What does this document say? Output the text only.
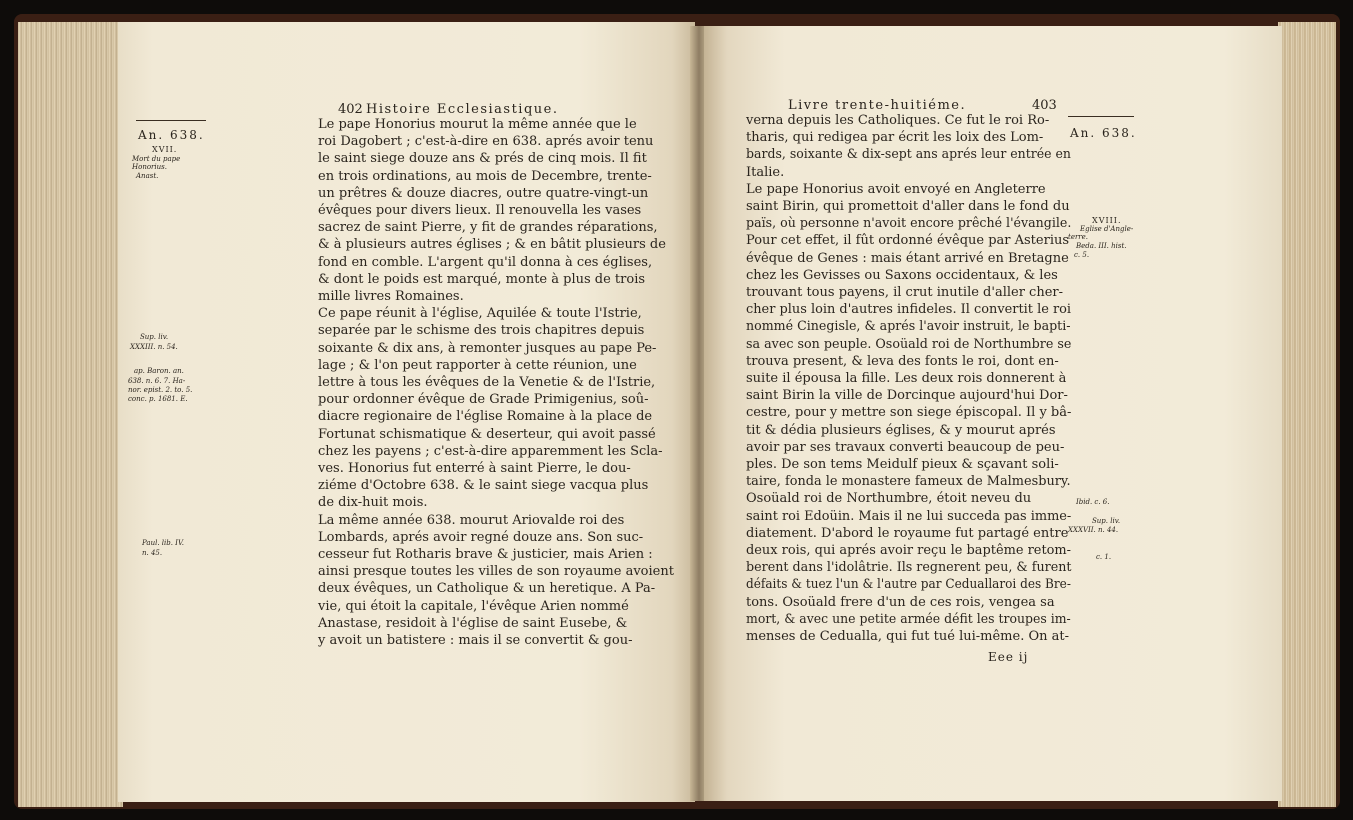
402 Histoire Ecclesiastique.
An. 638.
XVII.
Mort du pape
Honorius.
Anast.
Sup. liv.
XXXIII. n. 54.
ap. Baron. an.
638. n. 6. 7. Ha-
nor. epist. 2. to. 5.
conc. p. 1681. E.
Paul. lib. IV.
n. 45.
Le pape Honorius mourut la même année que le
roi Dagobert ; c'est-à-dire en 638. aprés avoir tenu
le saint siege douze ans & prés de cinq mois. Il fit
en trois ordinations, au mois de Decembre, trente-
un prêtres & douze diacres, outre quatre-vingt-un
évêques pour divers lieux. Il renouvella les vases
sacrez de saint Pierre, y fit de grandes réparations,
& à plusieurs autres églises ; & en bâtit plusieurs de
fond en comble. L'argent qu'il donna à ces églises,
& dont le poids est marqué, monte à plus de trois
mille livres Romaines.
Ce pape réunit à l'église, Aquilée & toute l'Istrie,
separée par le schisme des trois chapitres depuis
soixante & dix ans, à remonter jusques au pape Pe-
lage ; & l'on peut rapporter à cette réunion, une
lettre à tous les évêques de la Venetie & de l'Istrie,
pour ordonner évêque de Grade Primigenius, soû-
diacre regionaire de l'église Romaine à la place de
Fortunat schismatique & deserteur, qui avoit passé
chez les payens ; c'est-à-dire apparemment les Scla-
ves. Honorius fut enterré à saint Pierre, le dou-
ziéme d'Octobre 638. & le saint siege vacqua plus
de dix-huit mois.
La même année 638. mourut Ariovalde roi des
Lombards, aprés avoir regné douze ans. Son suc-
cesseur fut Rotharis brave & justicier, mais Arien :
ainsi presque toutes les villes de son royaume avoient
deux évêques, un Catholique & un heretique. A Pa-
vie, qui étoit la capitale, l'évêque Arien nommé
Anastase, residoit à l'église de saint Eusebe, &
y avoit un batistere : mais il se convertit & gou-
Livre trente-huitiéme.	403
An. 638.
XVIII.
Eglise d'Angle-
terre.
Beda. III. hist.
c. 5.
Ibid. c. 6.
Sup. liv.
XXXVII. n. 44.
c. 1.
verna depuis les Catholiques. Ce fut le roi Ro-
tharis, qui redigea par écrit les loix des Lom-
bards, soixante & dix-sept ans aprés leur entrée en
Italie.
Le pape Honorius avoit envoyé en Angleterre
saint Birin, qui promettoit d'aller dans le fond du
païs, où personne n'avoit encore prêché l'évangile.
Pour cet effet, il fût ordonné évêque par Asterius
évêque de Genes : mais étant arrivé en Bretagne
chez les Gevisses ou Saxons occidentaux, & les
trouvant tous payens, il crut inutile d'aller cher-
cher plus loin d'autres infideles. Il convertit le roi
nommé Cinegisle, & aprés l'avoir instruit, le bapti-
sa avec son peuple. Osoüald roi de Northumbre se
trouva present, & leva des fonts le roi, dont en-
suite il épousa la fille. Les deux rois donnerent à
saint Birin la ville de Dorcinque aujourd'hui Dor-
cestre, pour y mettre son siege épiscopal. Il y bâ-
tit & dédia plusieurs églises, & y mourut aprés
avoir par ses travaux converti beaucoup de peu-
ples. De son tems Meidulf pieux & sçavant soli-
taire, fonda le monastere fameux de Malmesbury.
Osoüald roi de Northumbre, étoit neveu du
saint roi Edoüin. Mais il ne lui succeda pas imme-
diatement. D'abord le royaume fut partagé entre
deux rois, qui aprés avoir reçu le baptême retom-
berent dans l'idolâtrie. Ils regnerent peu, & furent
défaits & tuez l'un & l'autre par Ceduallaroi des Bre-
tons. Osoüald frere d'un de ces rois, vengea sa
mort, & avec une petite armée défit les troupes im-
menses de Cedualla, qui fut tué lui-même. On at-
Eee ij
